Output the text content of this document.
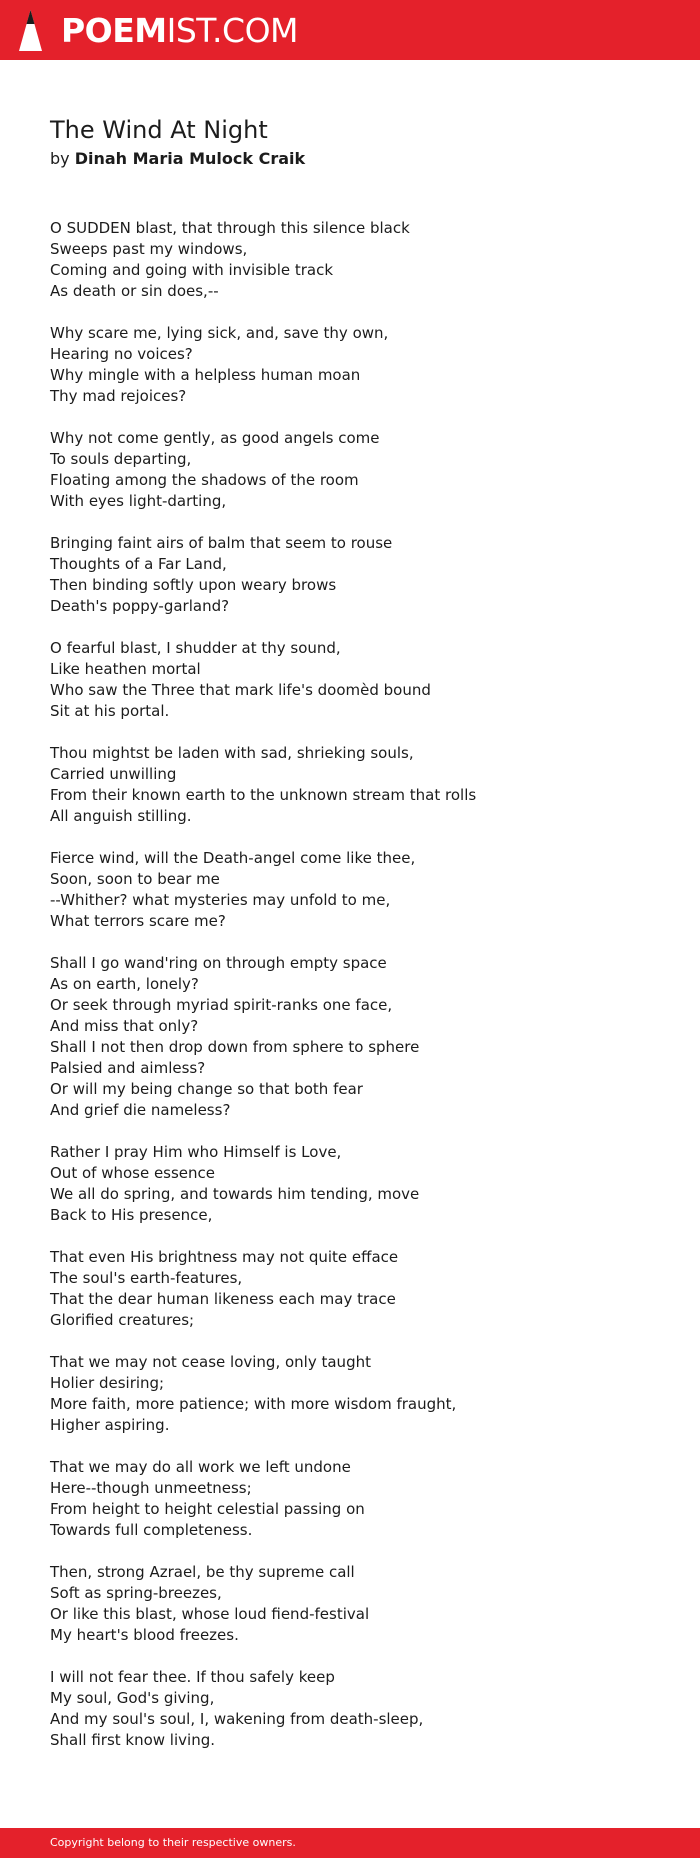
POEMIST.COM
The Wind At Night
by Dinah Maria Mulock Craik
O SUDDEN blast, that through this silence black
Sweeps past my windows,
Coming and going with invisible track
As death or sin does,--
Why scare me, lying sick, and, save thy own,
Hearing no voices?
Why mingle with a helpless human moan
Thy mad rejoices?
Why not come gently, as good angels come
To souls departing,
Floating among the shadows of the room
With eyes light-darting,
Bringing faint airs of balm that seem to rouse
Thoughts of a Far Land,
Then binding softly upon weary brows
Death's poppy-garland?
O fearful blast, I shudder at thy sound,
Like heathen mortal
Who saw the Three that mark life's doomèd bound
Sit at his portal.
Thou mightst be laden with sad, shrieking souls,
Carried unwilling
From their known earth to the unknown stream that rolls
All anguish stilling.
Fierce wind, will the Death-angel come like thee,
Soon, soon to bear me
--Whither? what mysteries may unfold to me,
What terrors scare me?
Shall I go wand'ring on through empty space
As on earth, lonely?
Or seek through myriad spirit-ranks one face,
And miss that only?
Shall I not then drop down from sphere to sphere
Palsied and aimless?
Or will my being change so that both fear
And grief die nameless?
Rather I pray Him who Himself is Love,
Out of whose essence
We all do spring, and towards him tending, move
Back to His presence,
That even His brightness may not quite efface
The soul's earth-features,
That the dear human likeness each may trace
Glorified creatures;
That we may not cease loving, only taught
Holier desiring;
More faith, more patience; with more wisdom fraught,
Higher aspiring.
That we may do all work we left undone
Here--though unmeetness;
From height to height celestial passing on
Towards full completeness.
Then, strong Azrael, be thy supreme call
Soft as spring-breezes,
Or like this blast, whose loud fiend-festival
My heart's blood freezes.
I will not fear thee. If thou safely keep
My soul, God's giving,
And my soul's soul, I, wakening from death-sleep,
Shall first know living.
Copyright belong to their respective owners.
